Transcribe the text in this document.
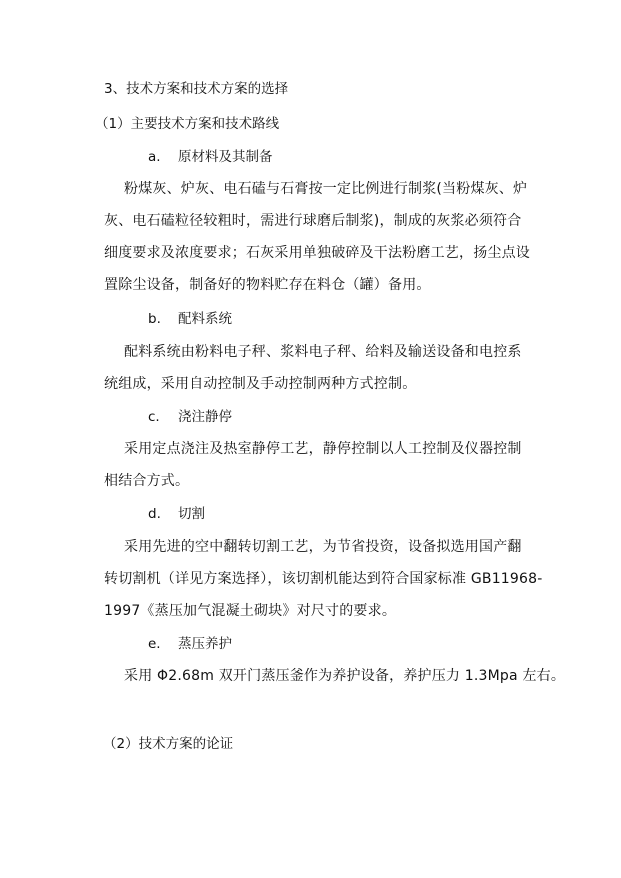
3、技术方案和技术方案的选择
（1）主要技术方案和技术路线
a. 原材料及其制备
粉煤灰、炉灰、电石磕与石膏按一定比例进行制浆(当粉煤灰、炉
灰、电石磕粒径较粗时，需进行球磨后制浆)，制成的灰浆必须符合
细度要求及浓度要求；石灰采用单独破碎及干法粉磨工艺，扬尘点设
置除尘设备，制备好的物料贮存在料仓（罐）备用。
b. 配料系统
配料系统由粉料电子秤、浆料电子秤、给料及输送设备和电控系
统组成，采用自动控制及手动控制两种方式控制。
c. 浇注静停
采用定点浇注及热室静停工艺，静停控制以人工控制及仪器控制
相结合方式。
d. 切割
采用先进的空中翻转切割工艺，为节省投资，设备拟选用国产翻
转切割机（详见方案选择），该切割机能达到符合国家标准 GB11968-
1997《蒸压加气混凝土砌块》对尺寸的要求。
e. 蒸压养护
采用 Φ2.68m 双开门蒸压釜作为养护设备，养护压力 1.3Mpa 左右。
（2）技术方案的论证
